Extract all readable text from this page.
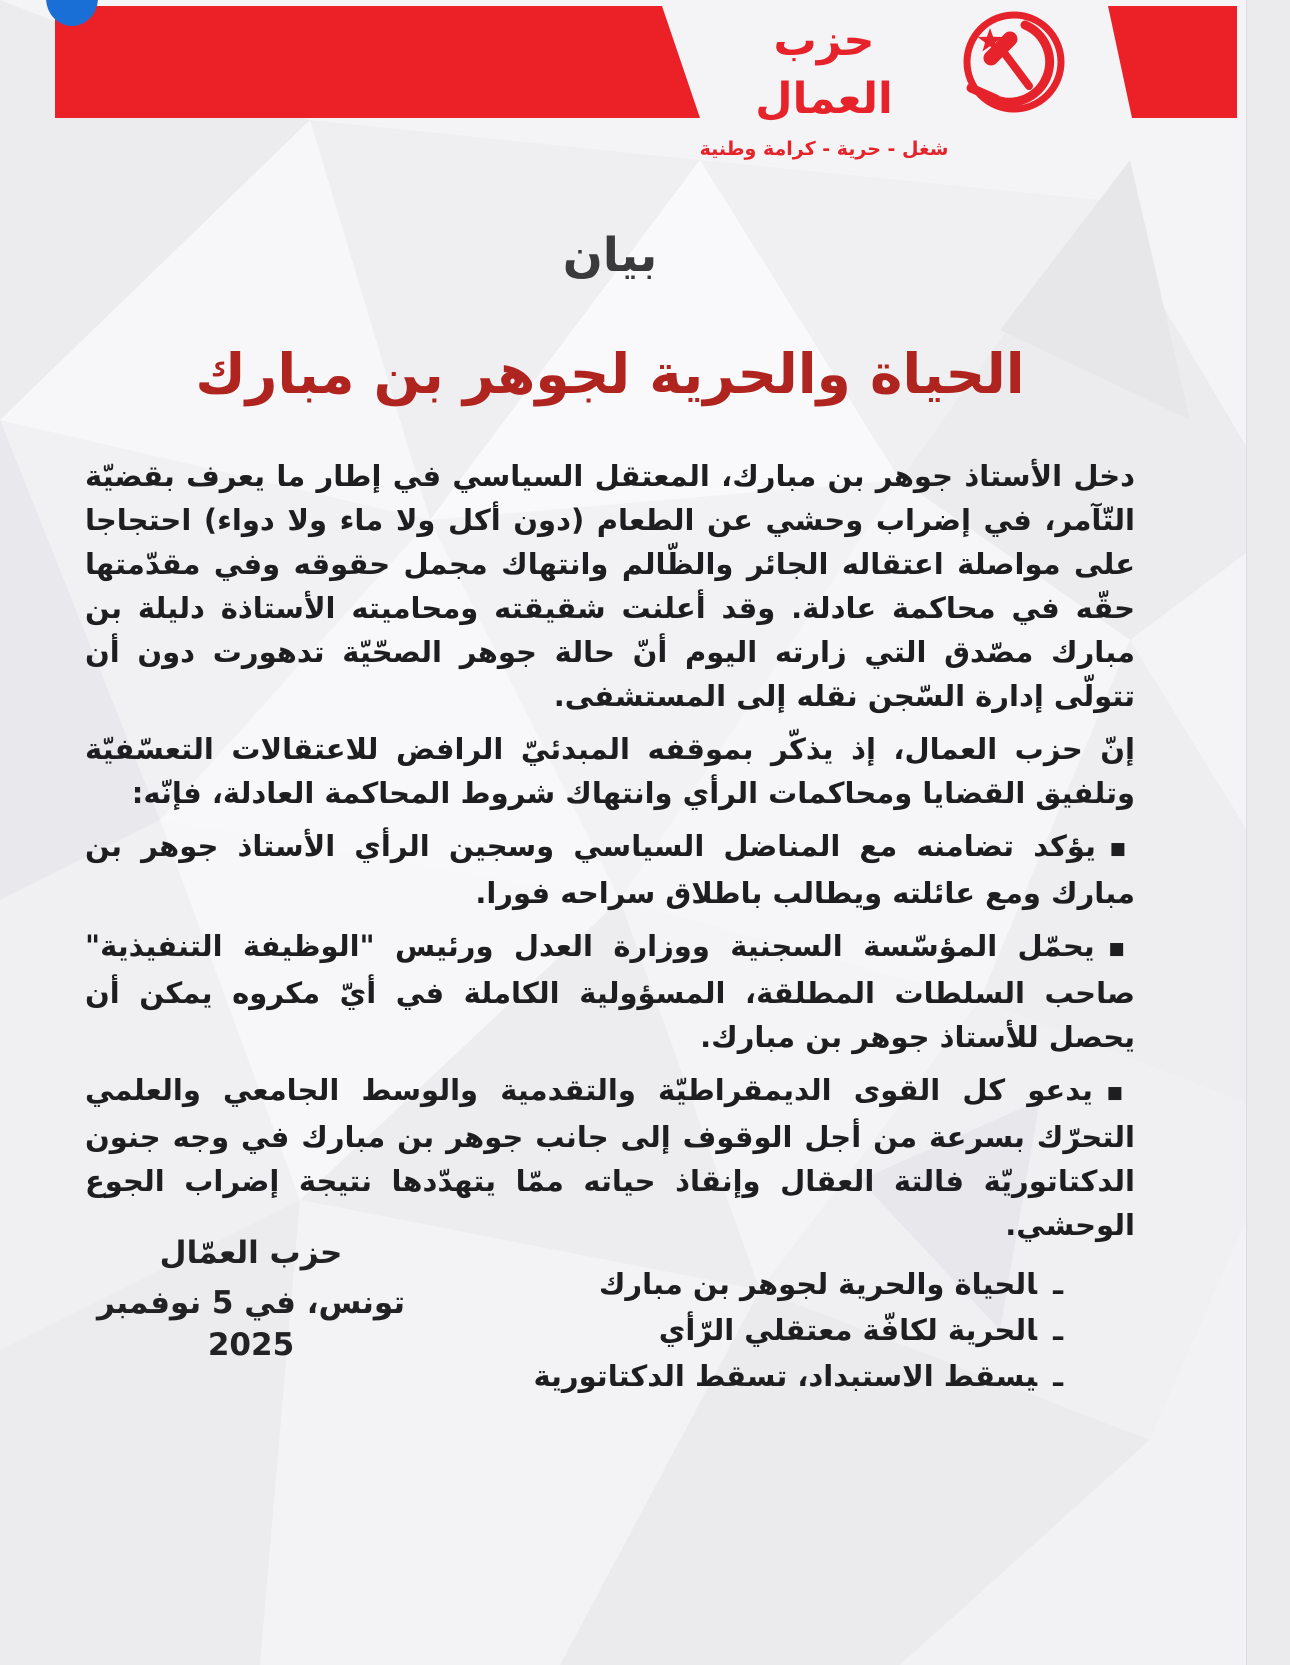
حزب العمال
شغل - حرية - كرامة وطنية
بيان
الحياة والحرية لجوهر بن مبارك

دخل الأستاذ جوهر بن مبارك، المعتقل السياسي في إطار ما يعرف بقضيّة التّآمر، في إضراب وحشي عن الطعام (دون أكل ولا ماء ولا دواء) احتجاجا على مواصلة اعتقاله الجائر والظّالم وانتهاك مجمل حقوقه وفي مقدّمتها حقّه في محاكمة عادلة. وقد أعلنت شقيقته ومحاميته الأستاذة دليلة بن مبارك مصّدق التي زارته اليوم أنّ حالة جوهر الصحّيّة تدهورت دون أن تتولّى إدارة السّجن نقله إلى المستشفى.

إنّ حزب العمال، إذ يذكّر بموقفه المبدئيّ الرافض للاعتقالات التعسّفيّة وتلفيق القضايا ومحاكمات الرأي وانتهاك شروط المحاكمة العادلة، فإنّه:

■يؤكد تضامنه مع المناضل السياسي وسجين الرأي الأستاذ جوهر بن مبارك ومع عائلته ويطالب باطلاق سراحه فورا.

■يحمّل المؤسّسة السجنية ووزارة العدل ورئيس "الوظيفة التنفيذية" صاحب السلطات المطلقة، المسؤولية الكاملة في أيّ مكروه يمكن أن يحصل للأستاذ جوهر بن مبارك.

■يدعو كل القوى الديمقراطيّة والتقدمية والوسط الجامعي والعلمي التحرّك بسرعة من أجل الوقوف إلى جانب جوهر بن مبارك في وجه جنون الدكتاتوريّة فالتة العقال وإنقاذ حياته ممّا يتهدّدها نتيجة إضراب الجوع الوحشي.

ـالحياة والحرية لجوهر بن مبارك
ـالحرية لكافّة معتقلي الرّأي
ـيسقط الاستبداد، تسقط الدكتاتورية
حزب العمّال
تونس، في 5 نوفمبر 2025
